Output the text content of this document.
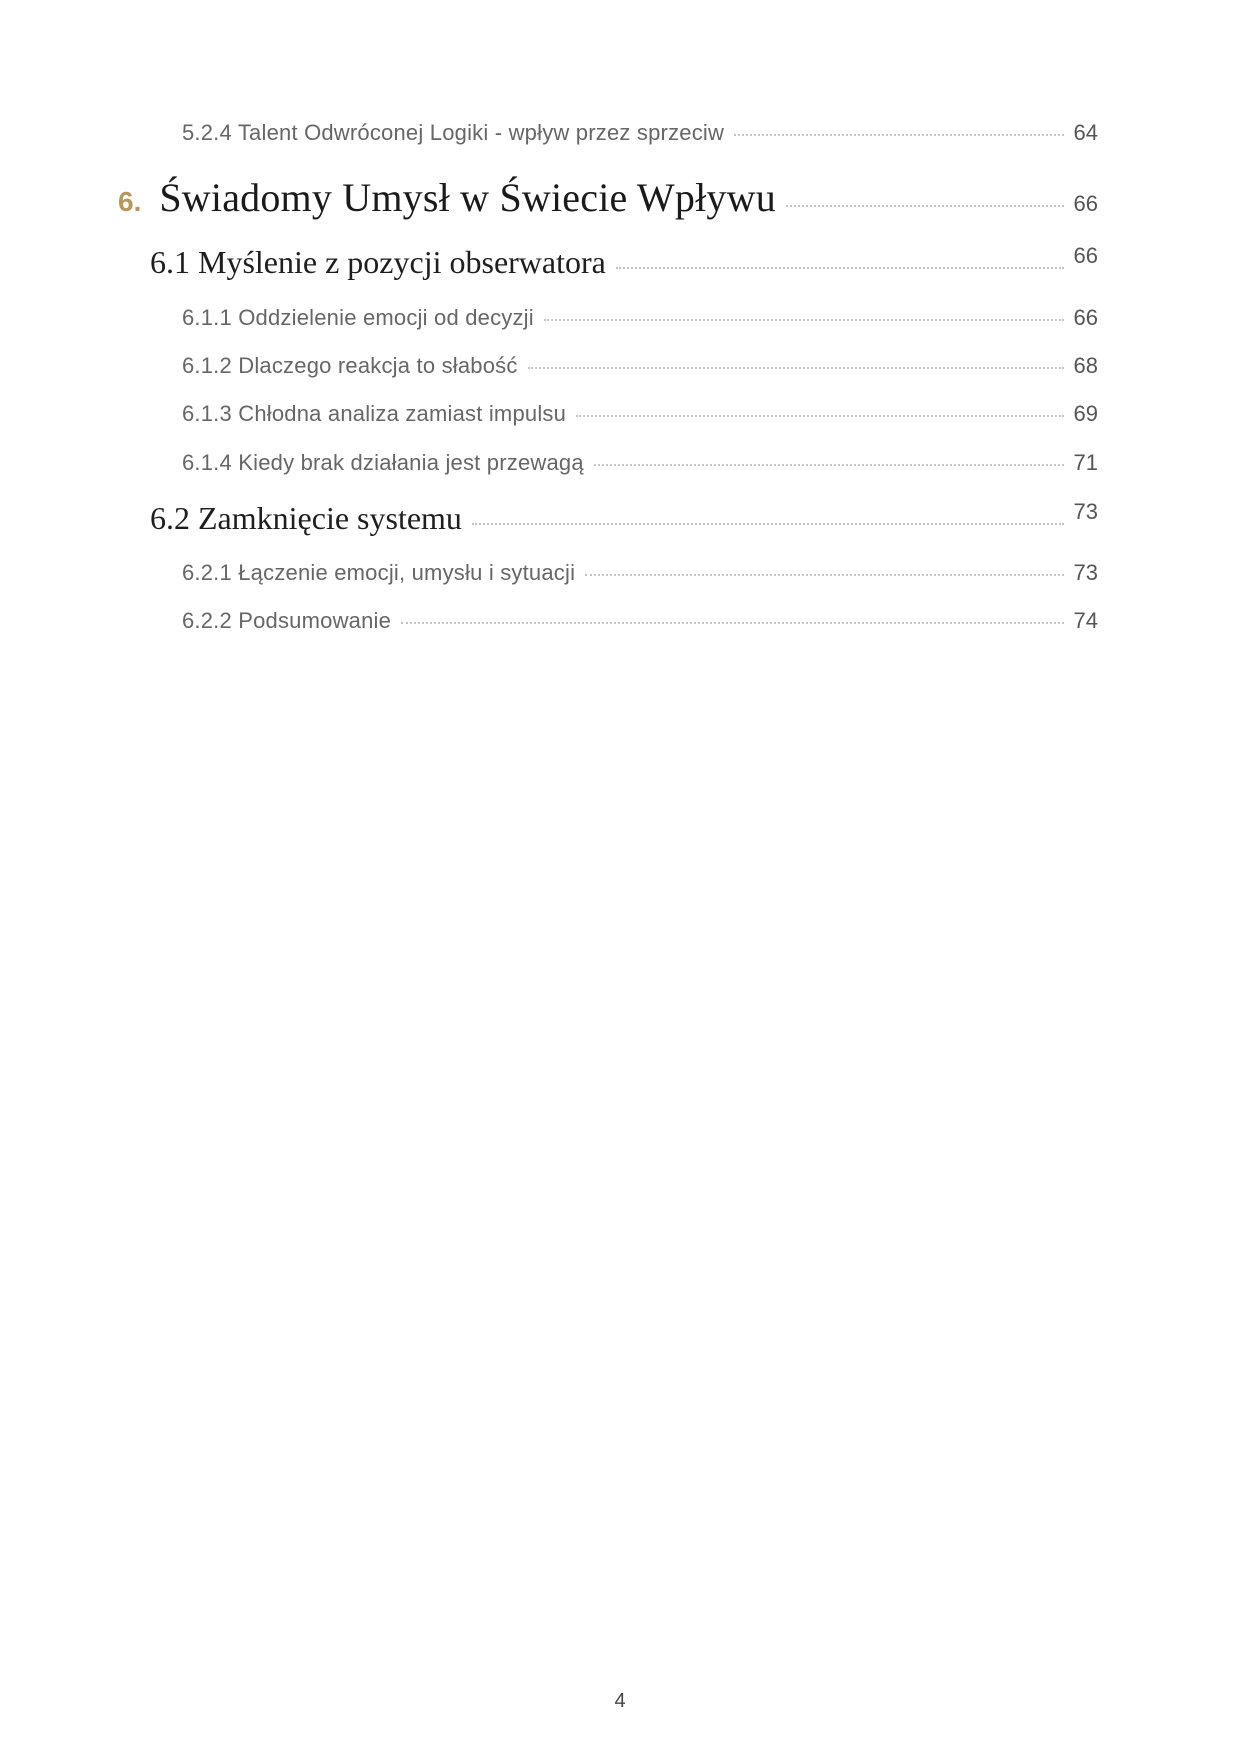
5.2.4 Talent Odwróconej Logiki - wpływ przez sprzeciw	64
6. Świadomy Umysł w Świecie Wpływu	66
6.1 Myślenie z pozycji obserwatora	66
6.1.1 Oddzielenie emocji od decyzji	66
6.1.2 Dlaczego reakcja to słabość	68
6.1.3 Chłodna analiza zamiast impulsu	69
6.1.4 Kiedy brak działania jest przewagą	71
6.2 Zamknięcie systemu	73
6.2.1 Łączenie emocji, umysłu i sytuacji	73
6.2.2 Podsumowanie	74
4
